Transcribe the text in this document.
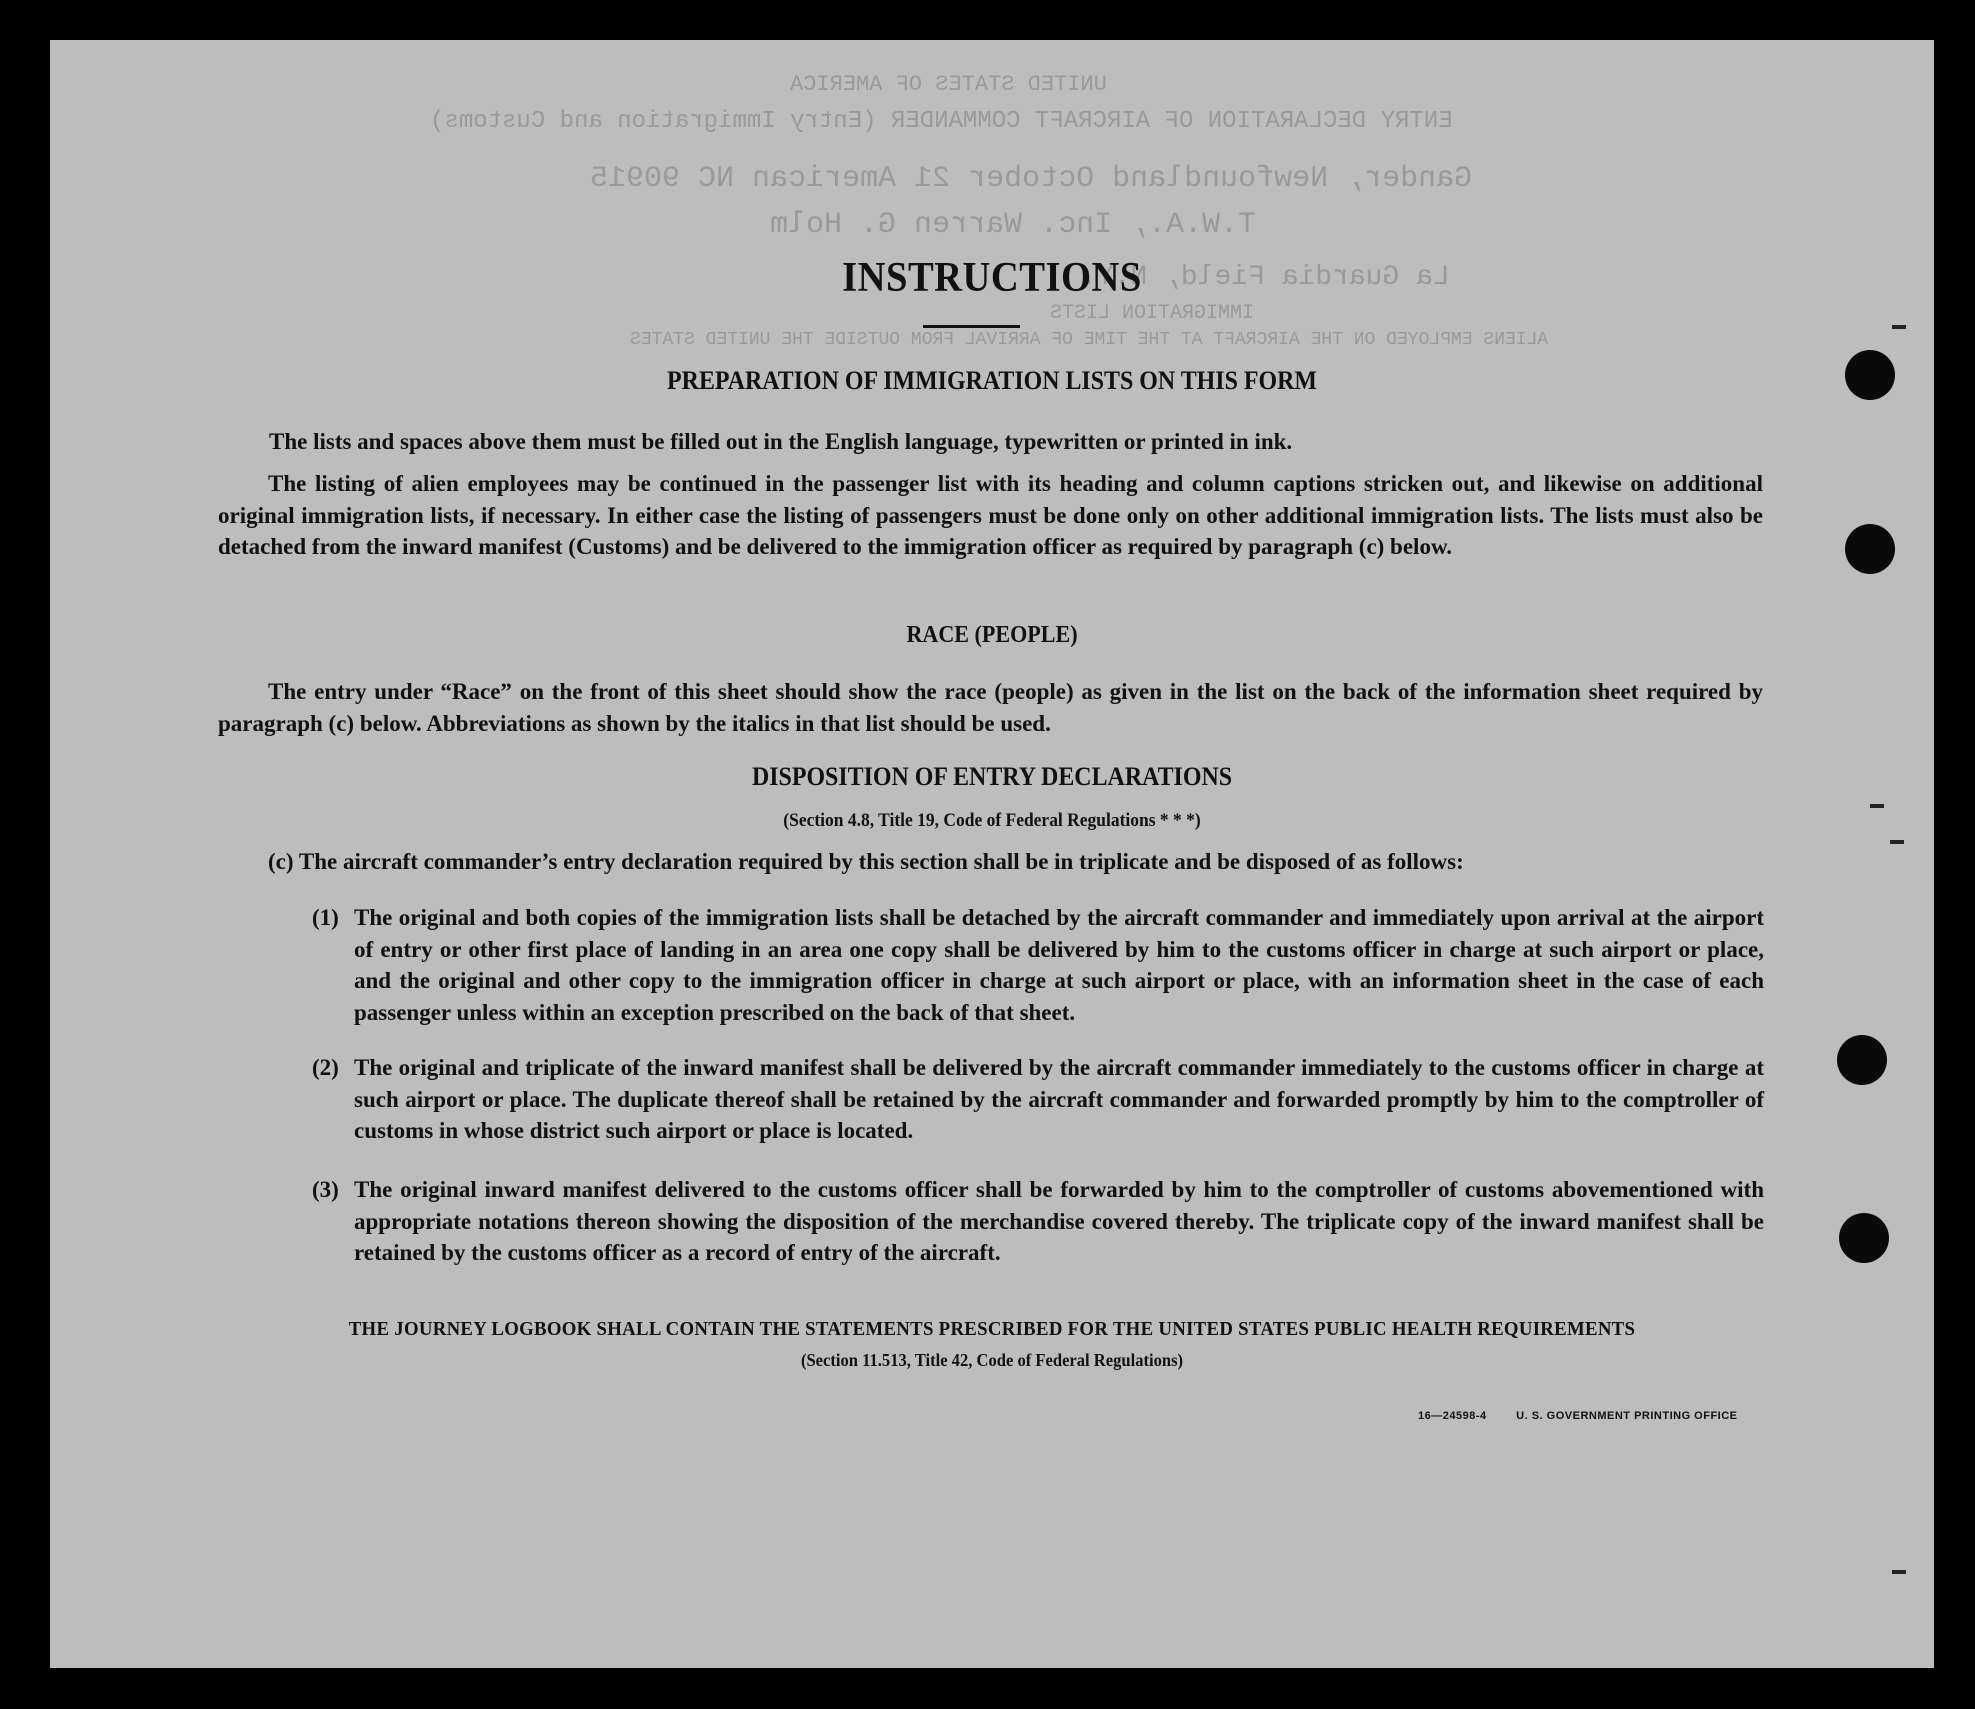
UNITED STATES OF AMERICA
ENTRY DECLARATION OF AIRCRAFT COMMANDER (Entry Immigration and Customs)
Gander, Newfoundland October 21 American NC 90915
T.W.A., Inc. Warren G. Holm
La Guardia Field, N.Y.
IMMIGRATION LISTS
ALIENS EMPLOYED ON THE AIRCRAFT AT THE TIME OF ARRIVAL FROM OUTSIDE THE UNITED STATES
INSTRUCTIONS
PREPARATION OF IMMIGRATION LISTS ON THIS FORM
The lists and spaces above them must be filled out in the English language, typewritten or printed in ink.
The listing of alien employees may be continued in the passenger list with its heading and column captions stricken out, and likewise on additional original immigration lists, if necessary. In either case the listing of passengers must be done only on other additional immigration lists. The lists must also be detached from the inward manifest (Customs) and be delivered to the immigration officer as required by paragraph (c) below.
RACE (PEOPLE)
The entry under “Race” on the front of this sheet should show the race (people) as given in the list on the back of the information sheet required by paragraph (c) below. Abbreviations as shown by the italics in that list should be used.
DISPOSITION OF ENTRY DECLARATIONS
(Section 4.8, Title 19, Code of Federal Regulations * * *)
(c) The aircraft commander’s entry declaration required by this section shall be in triplicate and be disposed of as follows:
(1) The original and both copies of the immigration lists shall be detached by the aircraft commander and immediately upon arrival at the airport of entry or other first place of landing in an area one copy shall be delivered by him to the customs officer in charge at such airport or place, and the original and other copy to the immigration officer in charge at such airport or place, with an information sheet in the case of each passenger unless within an exception prescribed on the back of that sheet.
(2) The original and triplicate of the inward manifest shall be delivered by the aircraft commander immediately to the customs officer in charge at such airport or place. The duplicate thereof shall be retained by the aircraft commander and forwarded promptly by him to the comptroller of customs in whose district such airport or place is located.
(3) The original inward manifest delivered to the customs officer shall be forwarded by him to the comptroller of customs abovementioned with appropriate notations thereon showing the disposition of the merchandise covered thereby. The triplicate copy of the inward manifest shall be retained by the customs officer as a record of entry of the aircraft.
THE JOURNEY LOGBOOK SHALL CONTAIN THE STATEMENTS PRESCRIBED FOR THE UNITED STATES PUBLIC HEALTH REQUIREMENTS
(Section 11.513, Title 42, Code of Federal Regulations)
16—24598-4	U. S. GOVERNMENT PRINTING OFFICE
